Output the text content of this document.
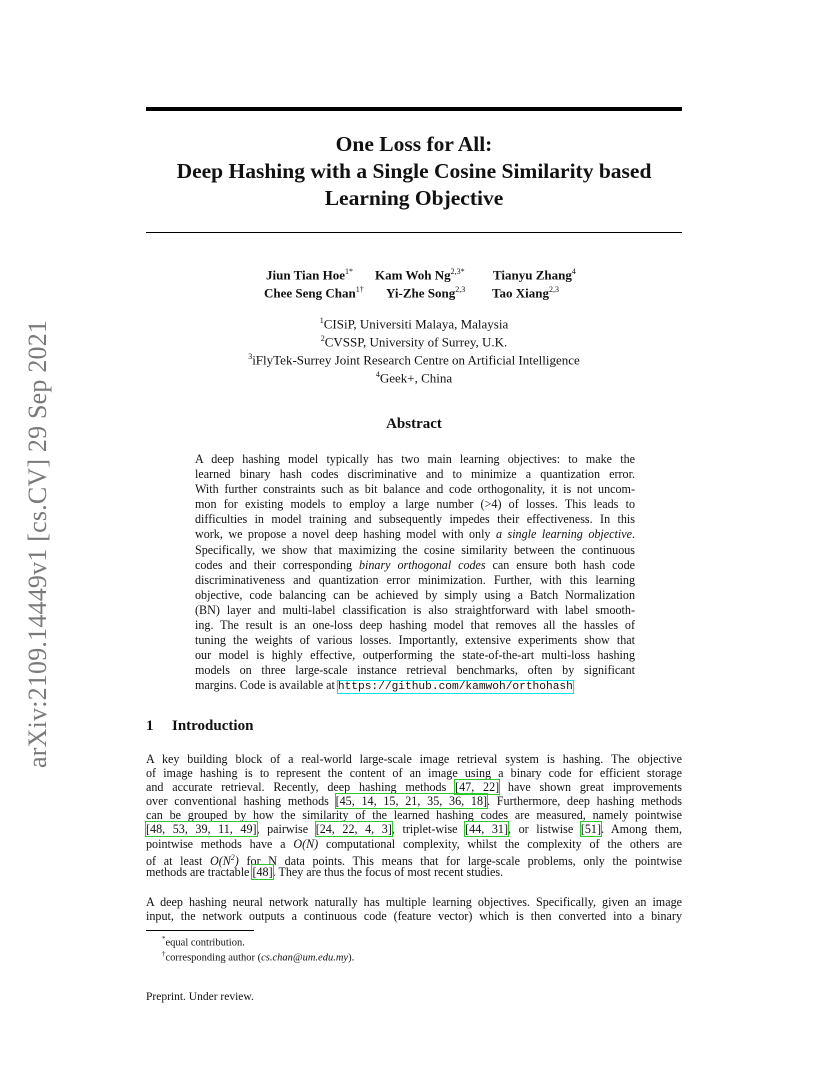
arXiv:2109.14449v1 [cs.CV] 29 Sep 2021
One Loss for All:
Deep Hashing with a Single Cosine Similarity based
Learning Objective
Jiun Tian Hoe$^{1*}$ Kam Woh $Ng^{2,3*}$ Tianyu Zhang$^4$
Chee Seng Chan$^{1\dagger}$ Yi-Zhe Song$^{2,3}$ Tao Xiang$^{2,3}$
$^1$CISiP, Universiti Malaya, Malaysia
$^2$CVSSP, University of Surrey, U.K.
$^3$iFlyTek-Surrey Joint Research Centre on Artificial Intelligence
$^4$Geek+, China
Abstract
A deep hashing model typically has two main learning objectives: to make the
learned binary hash codes discriminative and to minimize a quantization error.
With further constraints such as bit balance and code orthogonality, it is not uncom-
mon for existing models to employ a large number (>4) of losses. This leads to
difficulties in model training and subsequently impedes their effectiveness. In this
work, we propose a novel deep hashing model with only a single learning objective.
Specifically, we show that maximizing the cosine similarity between the continuous
codes and their corresponding binary orthogonal codes can ensure both hash code
discriminativeness and quantization error minimization. Further, with this learning
objective, code balancing can be achieved by simply using a Batch Normalization
(BN) layer and multi-label classification is also straightforward with label smooth-
ing. The result is an one-loss deep hashing model that removes all the hassles of
tuning the weights of various losses. Importantly, extensive experiments show that
our model is highly effective, outperforming the state-of-the-art multi-loss hashing
models on three large-scale instance retrieval benchmarks, often by significant
margins. Code is available at https://github.com/kamwoh/orthohash
1 Introduction
A key building block of a real-world large-scale image retrieval system is hashing. The objective
of image hashing is to represent the content of an image using a binary code for efficient storage
and accurate retrieval. Recently, deep hashing methods [47, 22] have shown great improvements
over conventional hashing methods [45, 14, 15, 21, 35, 36, 18]. Furthermore, deep hashing methods
can be grouped by how the similarity of the learned hashing codes are measured, namely pointwise
[48, 53, 39, 11, 49], pairwise [24, 22, 4, 3], triplet-wise [44, 31], or listwise [51]. Among them,
pointwise methods have a O(N) computational complexity, whilst the complexity of the others are
of at least $O(N^2)$ for N data points. This means that for large-scale problems, only the pointwise
methods are tractable [48]. They are thus the focus of most recent studies.
A deep hashing neural network naturally has multiple learning objectives. Specifically, given an image
input, the network outputs a continuous code (feature vector) which is then converted into a binary
*equal contribution.
†corresponding author (cs.chan@um.edu.my).
Preprint. Under review.
